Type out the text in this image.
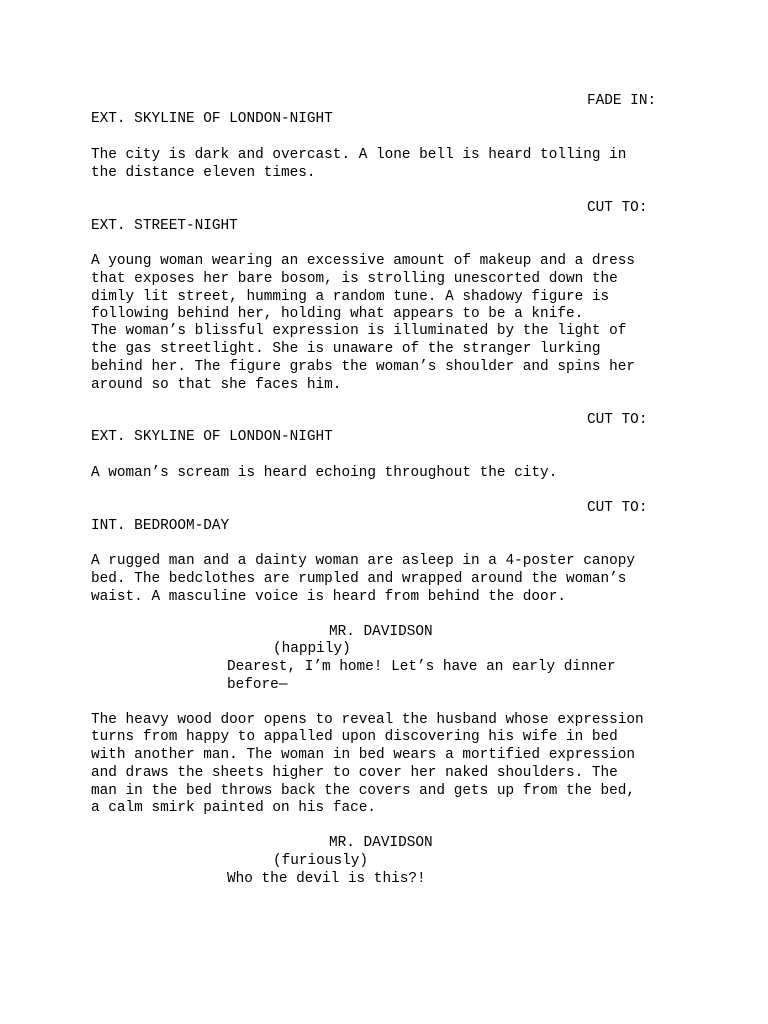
FADE IN:
EXT. SKYLINE OF LONDON-NIGHT
The city is dark and overcast. A lone bell is heard tolling in
the distance eleven times.
CUT TO:
EXT. STREET-NIGHT
A young woman wearing an excessive amount of makeup and a dress
that exposes her bare bosom, is strolling unescorted down the
dimly lit street, humming a random tune. A shadowy figure is
following behind her, holding what appears to be a knife.
The woman’s blissful expression is illuminated by the light of
the gas streetlight. She is unaware of the stranger lurking
behind her. The figure grabs the woman’s shoulder and spins her
around so that she faces him.
CUT TO:
EXT. SKYLINE OF LONDON-NIGHT
A woman’s scream is heard echoing throughout the city.
CUT TO:
INT. BEDROOM-DAY
A rugged man and a dainty woman are asleep in a 4-poster canopy
bed. The bedclothes are rumpled and wrapped around the woman’s
waist. A masculine voice is heard from behind the door.
MR. DAVIDSON
(happily)
Dearest, I’m home! Let’s have an early dinner
before—
The heavy wood door opens to reveal the husband whose expression
turns from happy to appalled upon discovering his wife in bed
with another man. The woman in bed wears a mortified expression
and draws the sheets higher to cover her naked shoulders. The
man in the bed throws back the covers and gets up from the bed,
a calm smirk painted on his face.
MR. DAVIDSON
(furiously)
Who the devil is this?!
